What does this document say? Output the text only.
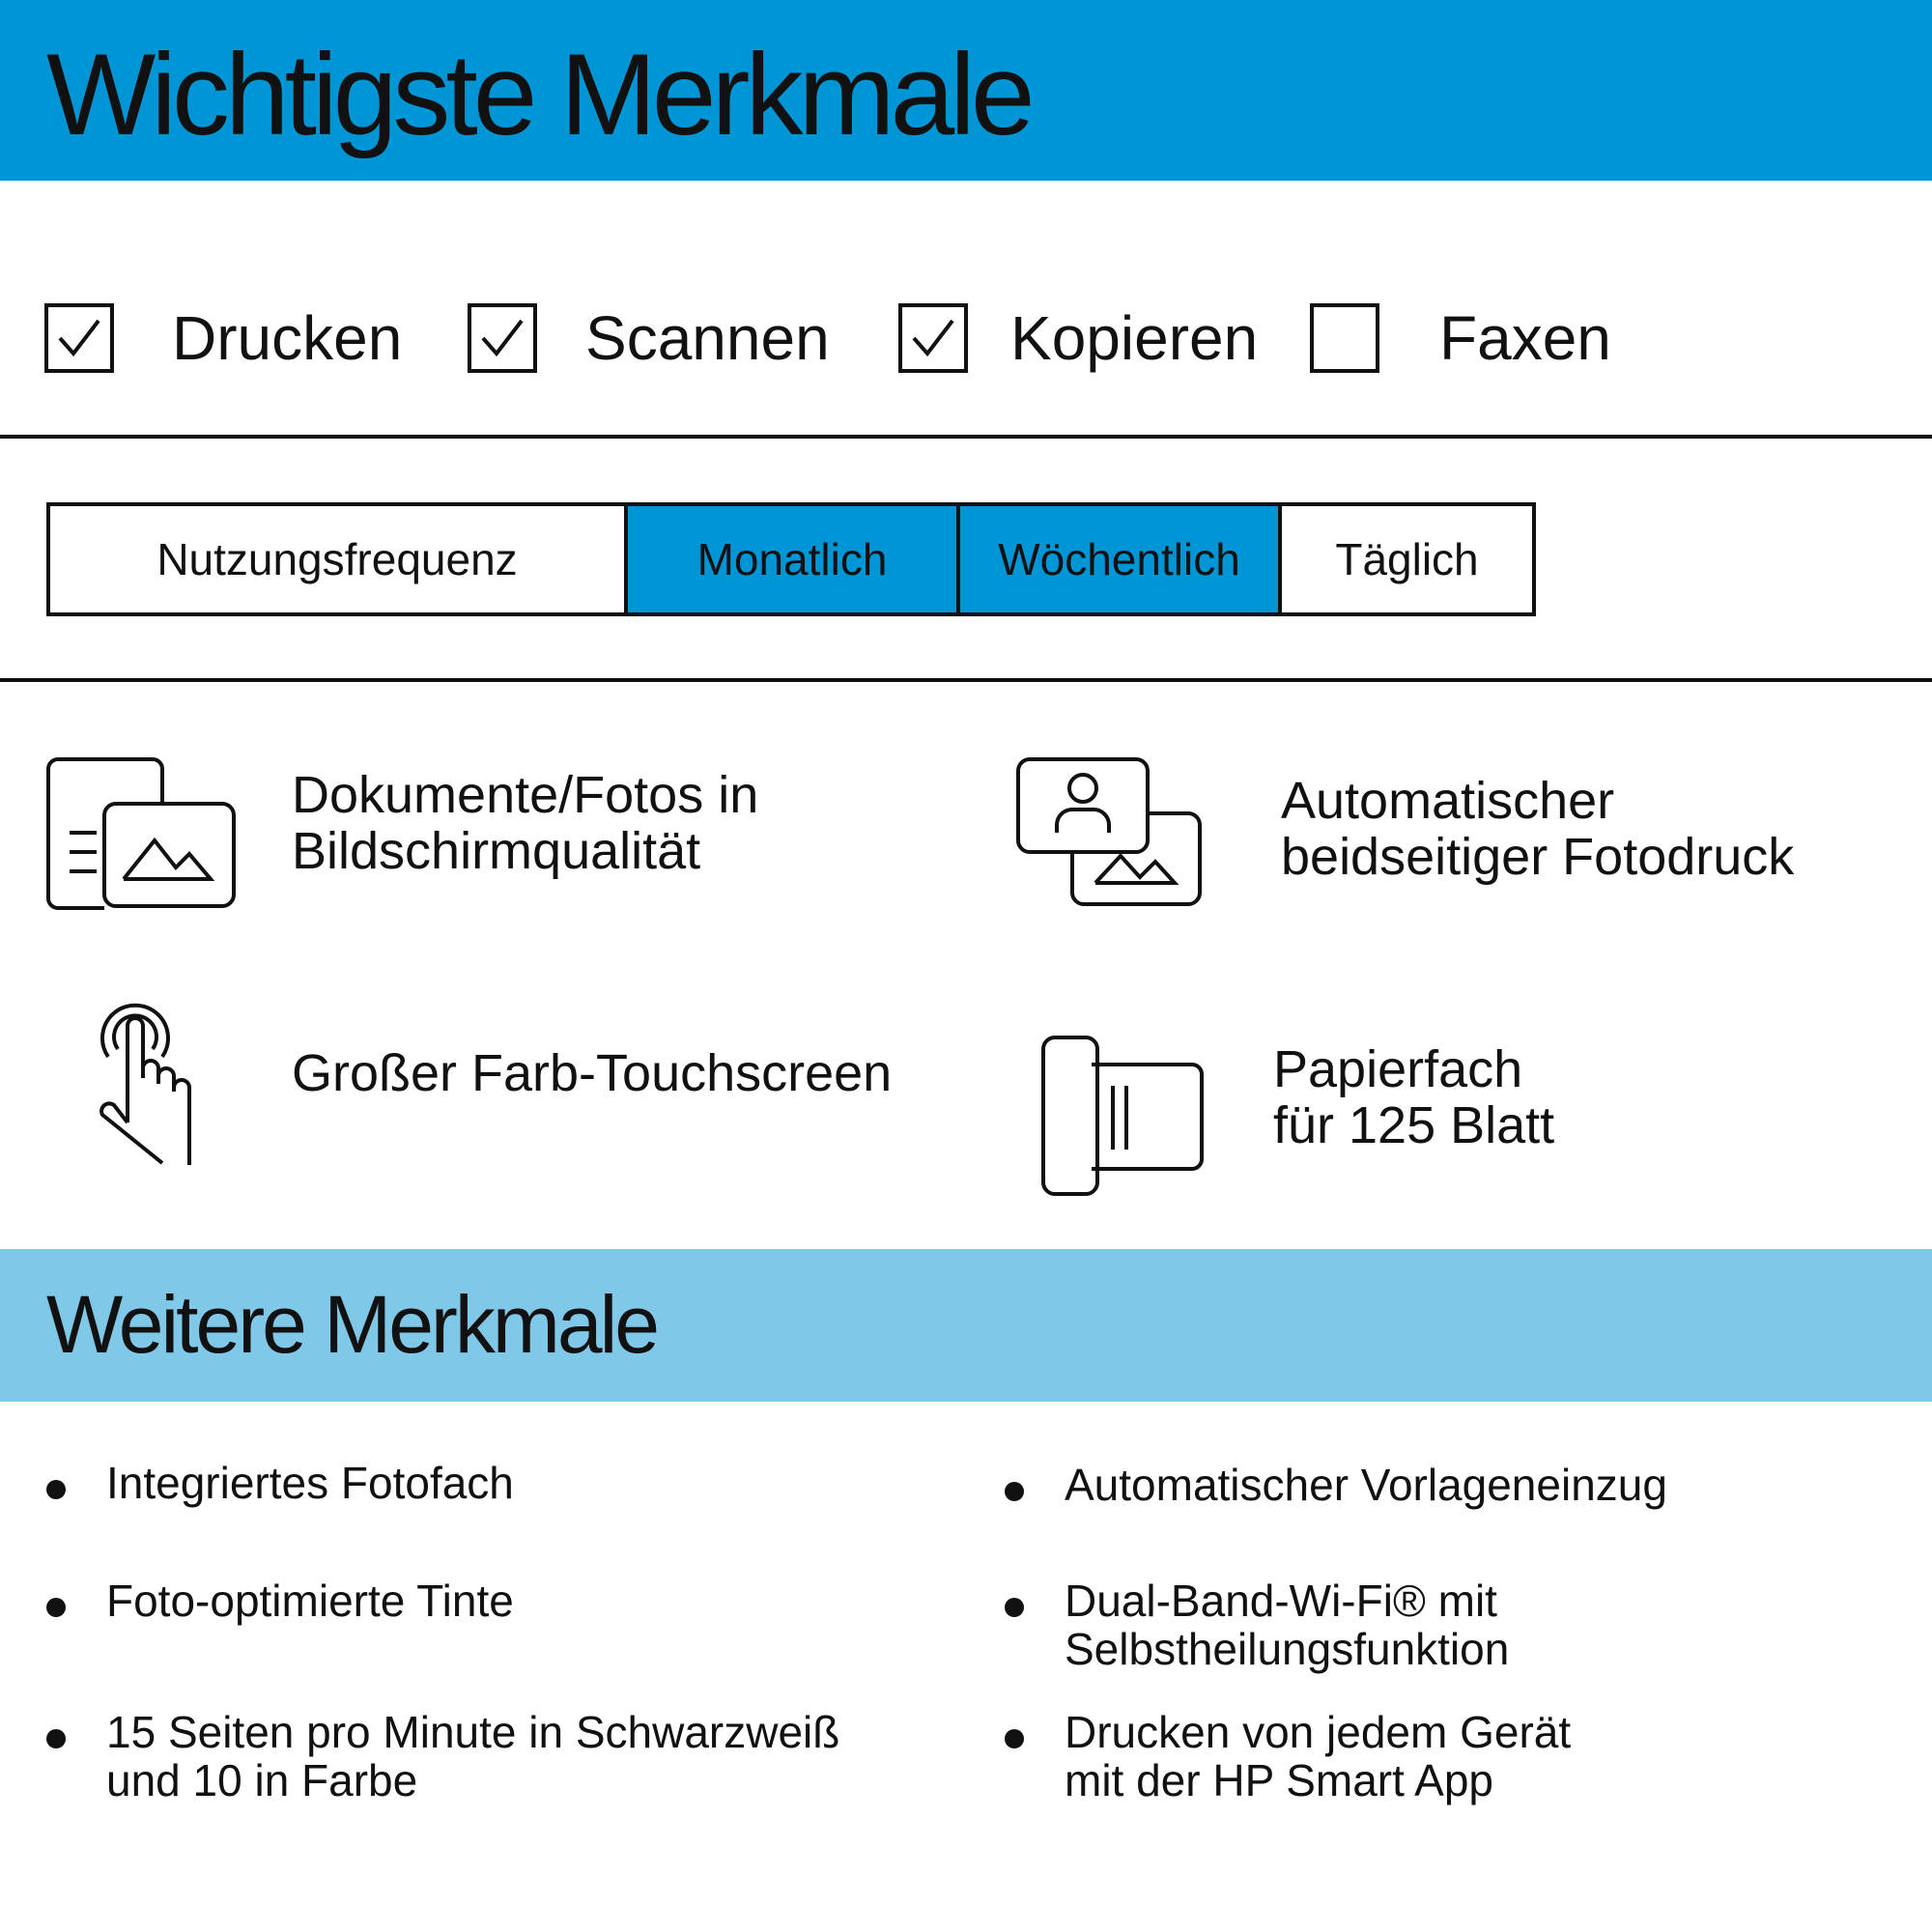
Wichtigste Merkmale
Drucken	Scannen	Kopieren	Faxen
Nutzungsfrequenz	Monatlich	Wöchentlich	Täglich
Dokumente/Fotos in
Bildschirmqualität
Automatischer
beidseitiger Fotodruck
Großer Farb-Touchscreen	Papierfach
für 125 Blatt
Weitere Merkmale
Integriertes Fotofach
Foto-optimierte Tinte
15 Seiten pro Minute in Schwarzweiß
und 10 in Farbe
Automatischer Vorlageneinzug
Dual-Band-Wi-Fi® mit
Selbstheilungsfunktion
Drucken von jedem Gerät
mit der HP Smart App
